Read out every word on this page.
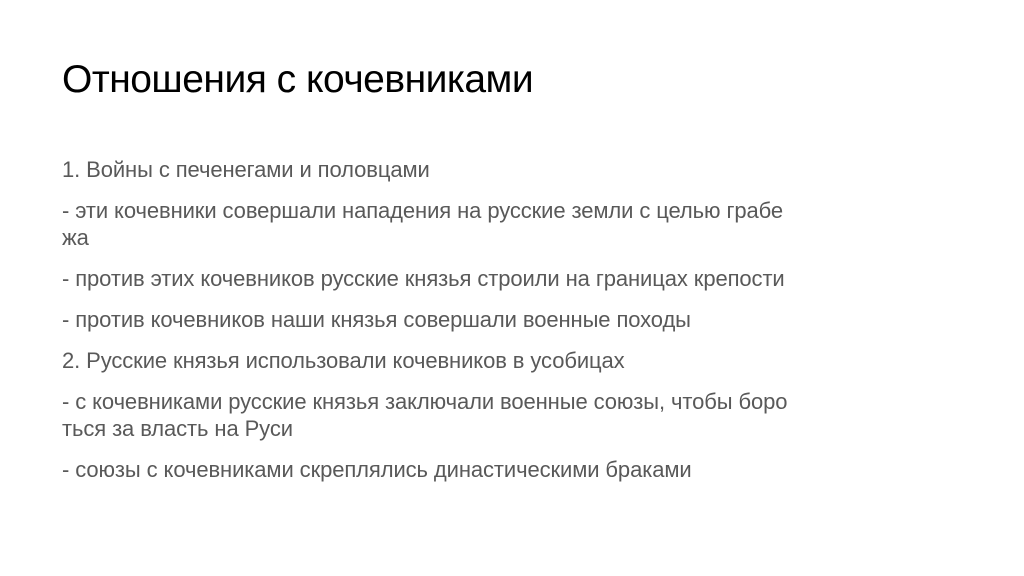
Отношения с кочевниками

1. Войны с печенегами и половцами

- эти кочевники совершали нападения на русские земли с целью грабе
жа

- против этих кочевников русские князья строили на границах крепости

- против кочевников наши князья совершали военные походы

2. Русские князья использовали кочевников в усобицах

- с кочевниками русские князья заключали военные союзы, чтобы боро
ться за власть на Руси

- союзы с кочевниками скреплялись династическими браками
